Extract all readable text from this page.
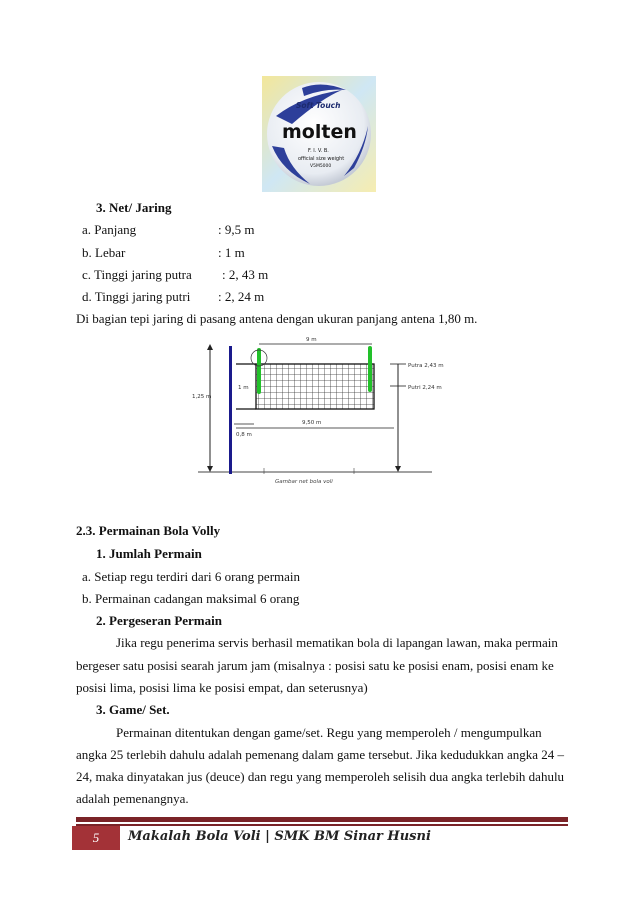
Soft Touch
molten
F. I. V. B.
official size weight
V5M5000
3. Net/ Jaring
a. Panjang	: 9,5 m
b. Lebar	: 1 m
c. Tinggi jaring putra : 2, 43 m
d. Tinggi jaring putri : 2, 24 m
Di bagian tepi jaring di pasang antena dengan ukuran panjang antena 1,80 m.
1,25 m
9 m
Putra 2,43 m
Putri 2,24 m
1 m
9,50 m
0,8 m
Gambar net bola voli
2.3. Permainan Bola Volly
1. Jumlah Permain
a. Setiap regu terdiri dari 6 orang permain
b. Permainan cadangan maksimal 6 orang
2. Pergeseran Permain
Jika regu penerima servis berhasil mematikan bola di lapangan lawan, maka permain
bergeser satu posisi searah jarum jam (misalnya : posisi satu ke posisi enam, posisi enam ke
posisi lima, posisi lima ke posisi empat, dan seterusnya)
3. Game/ Set.
Permainan ditentukan dengan game/set. Regu yang memperoleh / mengumpulkan
angka 25 terlebih dahulu adalah pemenang dalam game tersebut. Jika kedudukkan angka 24 –
24, maka dinyatakan jus (deuce) dan regu yang memperoleh selisih dua angka terlebih dahulu
adalah pemenangnya.
5	Makalah Bola Voli | SMK BM Sinar Husni
